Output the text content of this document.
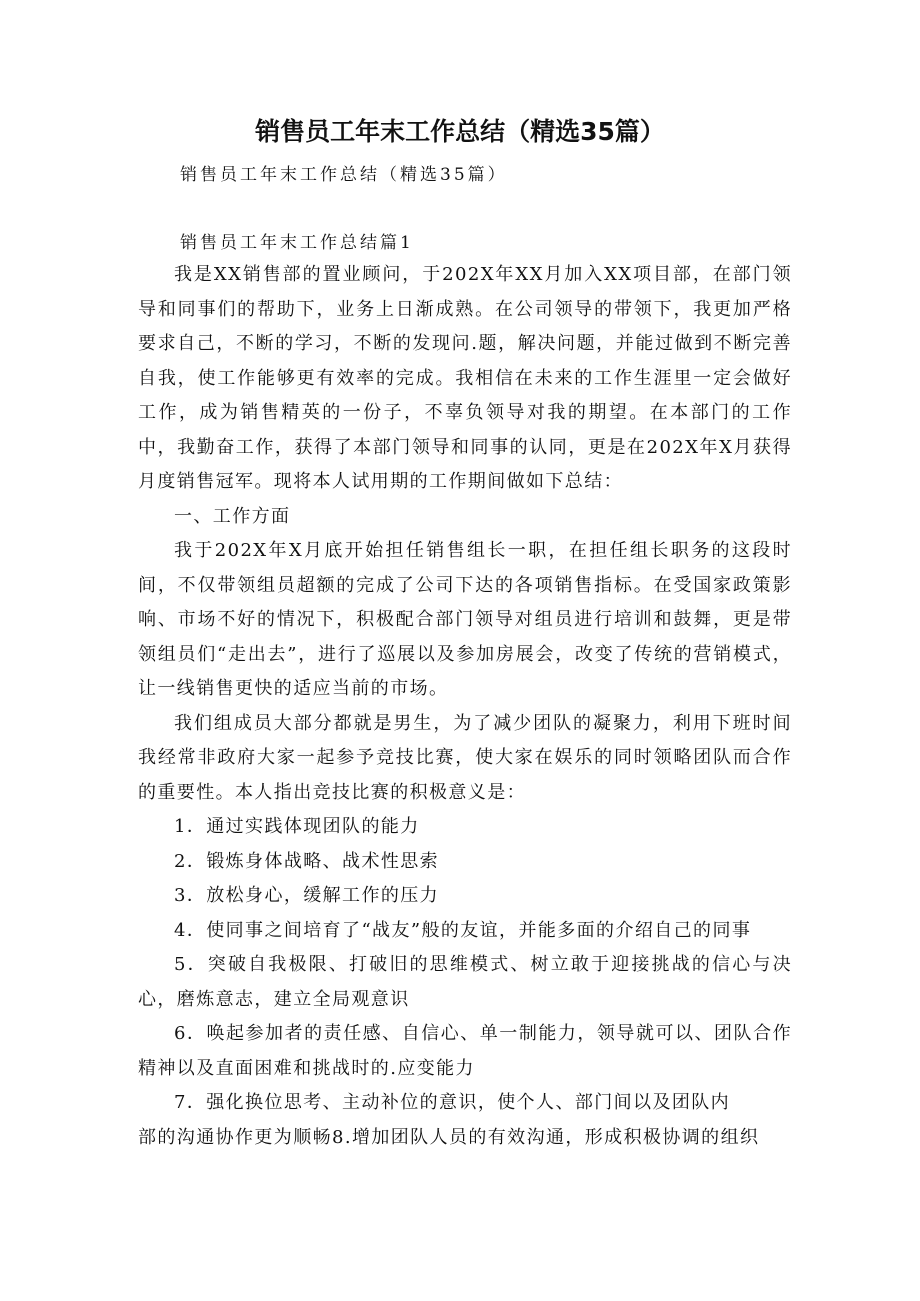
销售员工年末工作总结（精选35篇）
销售员工年末工作总结（精选35篇）
销售员工年末工作总结篇1

我是XX销售部的置业顾问，于202X年XX月加入XX项目部，在部门领导和同事们的帮助下，业务上日渐成熟。在公司领导的带领下，我更加严格要求自己，不断的学习，不断的发现问.题，解决问题，并能过做到不断完善自我，使工作能够更有效率的完成。我相信在未来的工作生涯里一定会做好工作，成为销售精英的一份子，不辜负领导对我的期望。在本部门的工作中，我勤奋工作，获得了本部门领导和同事的认同，更是在202X年X月获得月度销售冠军。现将本人试用期的工作期间做如下总结：

一、工作方面

我于202X年X月底开始担任销售组长一职，在担任组长职务的这段时间，不仅带领组员超额的完成了公司下达的各项销售指标。在受国家政策影响、市场不好的情况下，积极配合部门领导对组员进行培训和鼓舞，更是带领组员们“走出去”，进行了巡展以及参加房展会，改变了传统的营销模式，让一线销售更快的适应当前的市场。

我们组成员大部分都就是男生，为了减少团队的凝聚力，利用下班时间我经常非政府大家一起参予竞技比赛，使大家在娱乐的同时领略团队而合作的重要性。本人指出竞技比赛的积极意义是：

1．通过实践体现团队的能力

2．锻炼身体战略、战术性思索

3．放松身心，缓解工作的压力

4．使同事之间培育了“战友”般的友谊，并能多面的介绍自己的同事

5．突破自我极限、打破旧的思维模式、树立敢于迎接挑战的信心与决心，磨炼意志，建立全局观意识

6．唤起参加者的责任感、自信心、单一制能力，领导就可以、团队合作精神以及直面困难和挑战时的.应变能力

7．强化换位思考、主动补位的意识，使个人、部门间以及团队内

部的沟通协作更为顺畅8.增加团队人员的有效沟通，形成积极协调的组织
